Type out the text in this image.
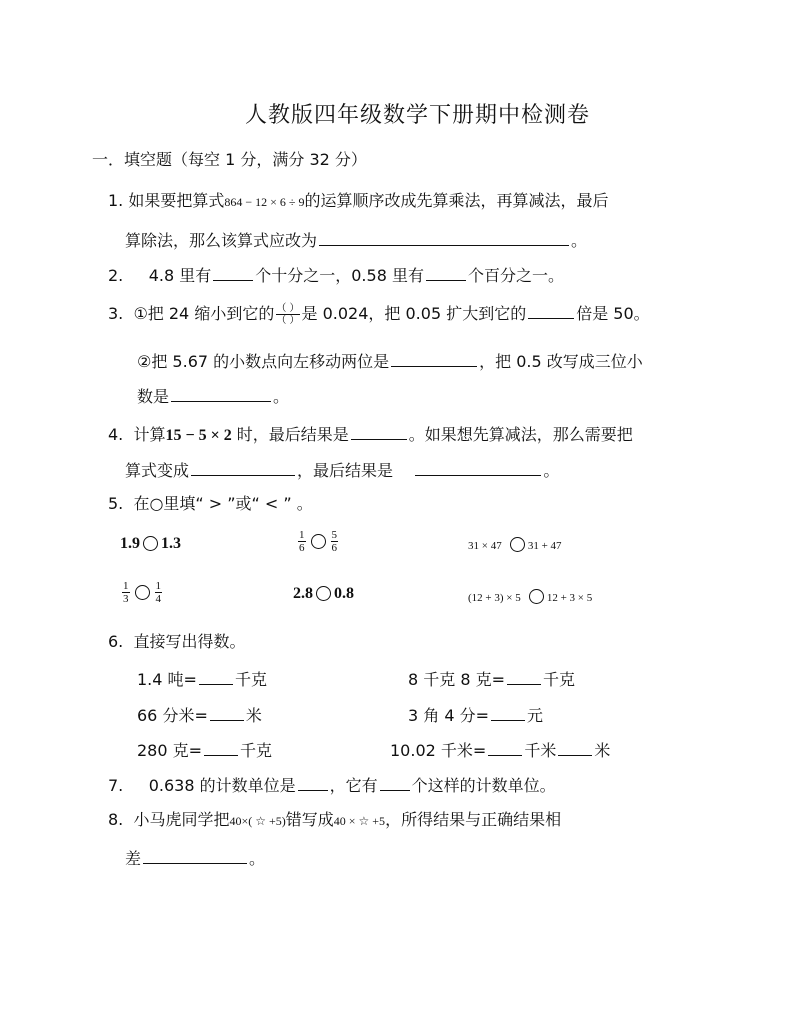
人教版四年级数学下册期中检测卷
一．填空题（每空 1 分，满分 32 分）
1. 如果要把算式864 − 12 × 6 ÷ 9的运算顺序改成先算乘法，再算减法，最后
算除法，那么该算式应改为	。
2. 4.8 里有	个十分之一，0.58 里有	个百分之一。
3. ①把 24 缩小到它的 （ ）
（ ） 是 0.024，把 0.05 扩大到它的	倍是 50。
②把 5.67 的小数点向左移动两位是	，把 0.5 改写成三位小
数是	。
4. 计算15 − 5 × 2 时，最后结果是	。如果想先算减法，那么需要把
算式变成	，最后结果是	。
5. 在○里填“ > ”或“ < ” 。
1.9 1.3	$\frac{1}{6} \frac{5}{6}$	31 × 47 31 + 47
$\frac{1}{3} \frac{1}{4}$	2.8 0.8	(12 + 3) × 5 12 + 3 × 5
6. 直接写出得数。
1.4 吨= 千克	8 千克 8 克= 千克
66 分米= 米	3 角 4 分= 元
280 克= 千克	10.02 千米= 千米 米
7. 0.638 的计数单位是 ，它有 个这样的计数单位。
8. 小马虎同学把40×( ☆ +5)错写成40 × ☆ +5，所得结果与正确结果相
差	。
